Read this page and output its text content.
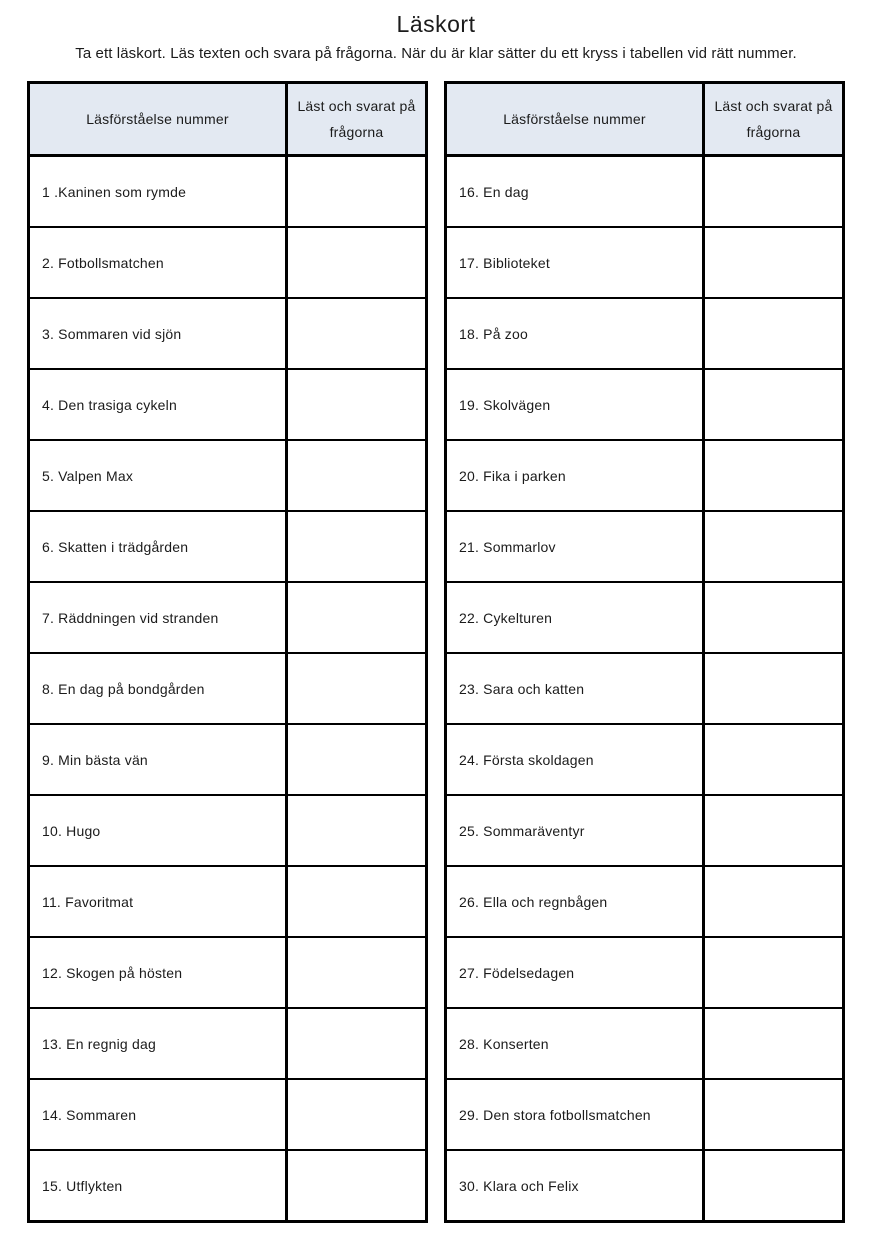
Läskort

Ta ett läskort. Läs texten och svara på frågorna. När du är klar sätter du ett kryss i tabellen vid rätt nummer.

Läsförståelse nummer	Läst och svarat på frågorna
1 .Kaninen som rymde	
2. Fotbollsmatchen	
3. Sommaren vid sjön	
4. Den trasiga cykeln	
5. Valpen Max	
6. Skatten i trädgården	
7. Räddningen vid stranden	
8. En dag på bondgården	
9. Min bästa vän	
10. Hugo	
11. Favoritmat	
12. Skogen på hösten	
13. En regnig dag	
14. Sommaren	
15. Utflykten	
Läsförståelse nummer	Läst och svarat på frågorna
16. En dag	
17. Biblioteket	
18. På zoo	
19. Skolvägen	
20. Fika i parken	
21. Sommarlov	
22. Cykelturen	
23. Sara och katten	
24. Första skoldagen	
25. Sommaräventyr	
26. Ella och regnbågen	
27. Födelsedagen	
28. Konserten	
29. Den stora fotbollsmatchen	
30. Klara och Felix	
